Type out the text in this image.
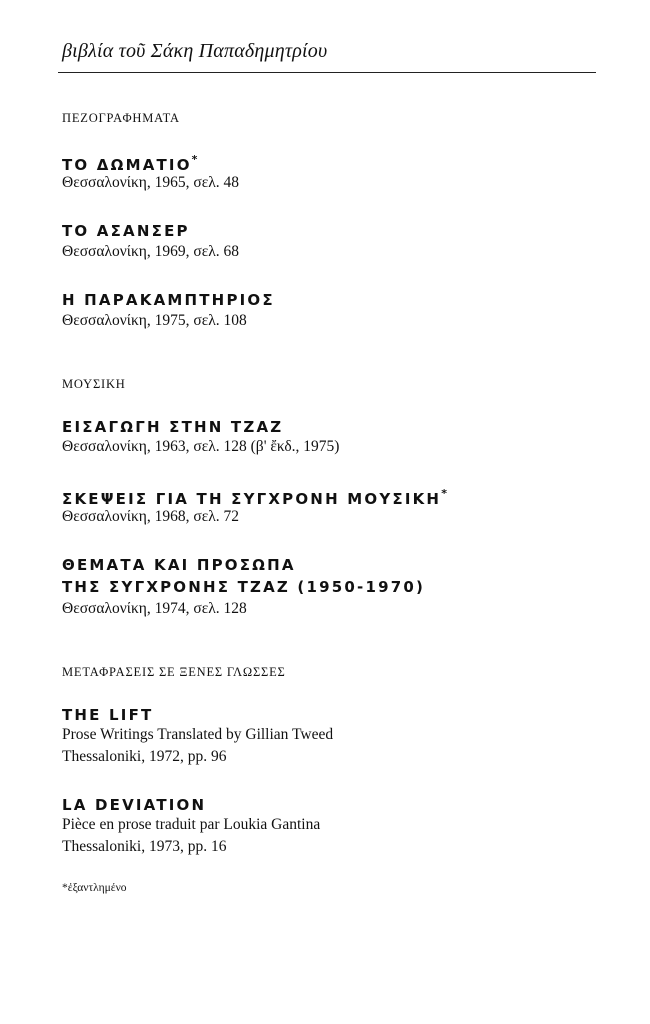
βιβλία τοῦ Σάκη Παπαδημητρίου
ΠΕΖΟΓΡΑΦΗΜΑΤΑ
ΤΟ ΔΩΜΑΤΙΟ*
Θεσσαλονίκη, 1965, σελ. 48
ΤΟ ΑΣΑΝΣΕΡ
Θεσσαλονίκη, 1969, σελ. 68
Η ΠΑΡΑΚΑΜΠΤΗΡΙΟΣ
Θεσσαλονίκη, 1975, σελ. 108
ΜΟΥΣΙΚΗ
ΕΙΣΑΓΩΓΗ ΣΤΗΝ ΤΖΑΖ
Θεσσαλονίκη, 1963, σελ. 128 (β' ἔκδ., 1975)
ΣΚΕΨΕΙΣ ΓΙΑ ΤΗ ΣΥΓΧΡΟΝΗ ΜΟΥΣΙΚΗ*
Θεσσαλονίκη, 1968, σελ. 72
ΘΕΜΑΤΑ ΚΑΙ ΠΡΟΣΩΠΑ
ΤΗΣ ΣΥΓΧΡΟΝΗΣ ΤΖΑΖ (1950-1970)
Θεσσαλονίκη, 1974, σελ. 128
ΜΕΤΑΦΡΑΣΕΙΣ ΣΕ ΞΕΝΕΣ ΓΛΩΣΣΕΣ
THE LIFT
Prose Writings Translated by Gillian Tweed
Thessaloniki, 1972, pp. 96
LA DEVIATION
Pièce en prose traduit par Loukia Gantina
Thessaloniki, 1973, pp. 16
*ἐξαντλημένο
